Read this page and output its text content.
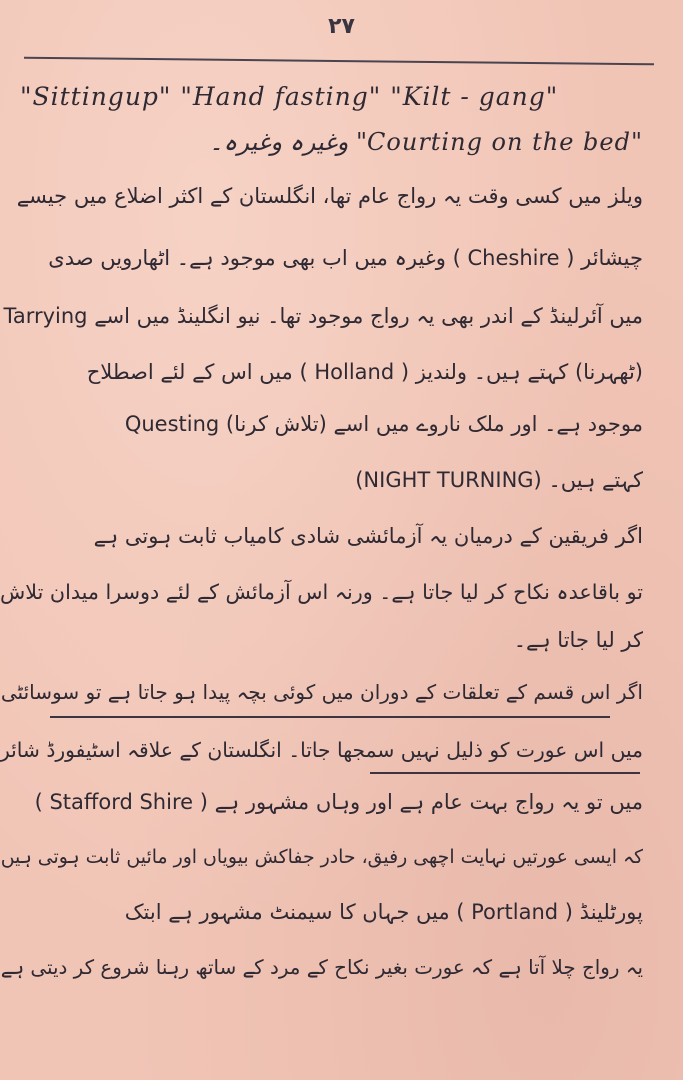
۲۷
"Sittingup" "Hand fasting" "Kilt - gang"
وغیرہ وغیرہ۔ "Courting on the bed"
ویلز میں کسی وقت یہ رواج عام تھا، انگلستان کے اکثر اضلاع میں جیسے
چیشائر ( Cheshire ) وغیرہ میں اب بھی موجود ہے۔ اٹھارویں صدی
میں آئرلینڈ کے اندر بھی یہ رواج موجود تھا۔ نیو انگلینڈ میں اسے Tarrying
(ٹھہرنا) کہتے ہیں۔ ولندیز ( Holland ) میں اس کے لئے اصطلاح
Questing (تلاش کرنا) موجود ہے۔ اور ملک ناروے میں اسے
(NIGHT TURNING) کہتے ہیں۔
اگر فریقین کے درمیان یہ آزمائشی شادی کامیاب ثابت ہوتی ہے
تو باقاعدہ نکاح کر لیا جاتا ہے۔ ورنہ اس آزمائش کے لئے دوسرا میدان تلاش
کر لیا جاتا ہے۔
اگر اس قسم کے تعلقات کے دوران میں کوئی بچہ پیدا ہو جاتا ہے تو سوسائٹی
میں اس عورت کو ذلیل نہیں سمجھا جاتا۔ انگلستان کے علاقہ اسٹیفورڈ شائر
( Stafford Shire ) میں تو یہ رواج بہت عام ہے اور وہاں مشہور ہے
کہ ایسی عورتیں نہایت اچھی رفیق، حادر جفاکش بیویاں اور مائیں ثابت ہوتی ہیں
پورٹلینڈ ( Portland ) میں جہاں کا سیمنٹ مشہور ہے ابتک
یہ رواج چلا آتا ہے کہ عورت بغیر نکاح کے مرد کے ساتھ رہنا شروع کر دیتی ہے
